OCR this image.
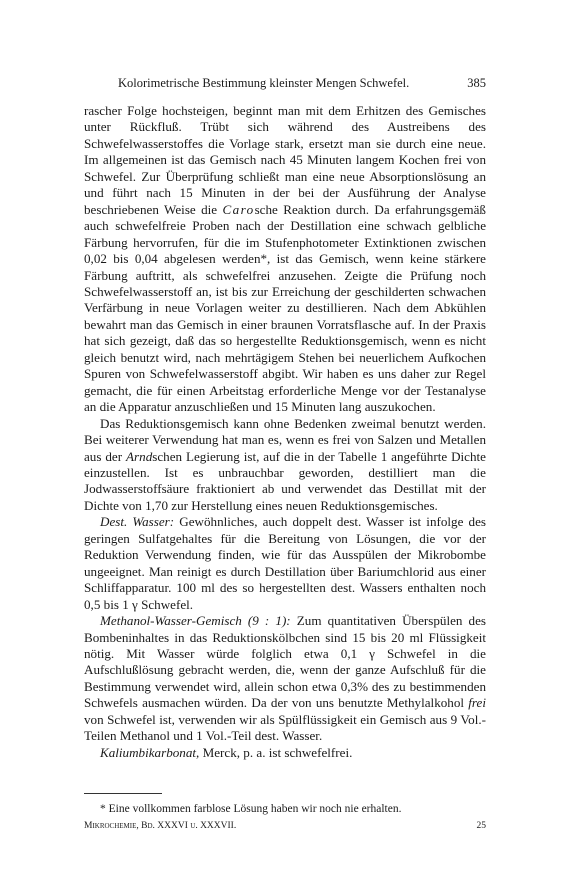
Kolorimetrische Bestimmung kleinster Mengen Schwefel.	385

rascher Folge hochsteigen, beginnt man mit dem Erhitzen des Gemisches unter Rückfluß. Trübt sich während des Austreibens des Schwefelwasserstoffes die Vorlage stark, ersetzt man sie durch eine neue. Im allgemeinen ist das Gemisch nach 45 Minuten langem Kochen frei von Schwefel. Zur Überprüfung schließt man eine neue Absorptionslösung an und führt nach 15 Minuten in der bei der Ausführung der Analyse beschriebenen Weise die Carosche Reaktion durch. Da erfahrungsgemäß auch schwefelfreie Proben nach der Destillation eine schwach gelbliche Färbung hervorrufen, für die im Stufenphotometer Extinktionen zwischen 0,02 bis 0,04 abgelesen werden*, ist das Gemisch, wenn keine stärkere Färbung auftritt, als schwefelfrei anzusehen. Zeigte die Prüfung noch Schwefelwasserstoff an, ist bis zur Erreichung der geschilderten schwachen Verfärbung in neue Vorlagen weiter zu destillieren. Nach dem Abkühlen bewahrt man das Gemisch in einer braunen Vorratsflasche auf. In der Praxis hat sich gezeigt, daß das so hergestellte Reduktionsgemisch, wenn es nicht gleich benutzt wird, nach mehrtägigem Stehen bei neuerlichem Aufkochen Spuren von Schwefelwasserstoff abgibt. Wir haben es uns daher zur Regel gemacht, die für einen Arbeitstag erforderliche Menge vor der Testanalyse an die Apparatur anzuschließen und 15 Minuten lang auszukochen.

Das Reduktionsgemisch kann ohne Bedenken zweimal benutzt werden. Bei weiterer Verwendung hat man es, wenn es frei von Salzen und Metallen aus der Arndschen Legierung ist, auf die in der Tabelle 1 angeführte Dichte einzustellen. Ist es unbrauchbar geworden, destilliert man die Jodwasserstoffsäure fraktioniert ab und verwendet das Destillat mit der Dichte von 1,70 zur Herstellung eines neuen Reduktionsgemisches.

Dest. Wasser: Gewöhnliches, auch doppelt dest. Wasser ist infolge des geringen Sulfatgehaltes für die Bereitung von Lösungen, die vor der Reduktion Verwendung finden, wie für das Ausspülen der Mikrobombe ungeeignet. Man reinigt es durch Destillation über Bariumchlorid aus einer Schliffapparatur. 100 ml des so hergestellten dest. Wassers enthalten noch 0,5 bis 1 γ Schwefel.

Methanol-Wasser-Gemisch (9 : 1): Zum quantitativen Überspülen des Bombeninhaltes in das Reduktionskölbchen sind 15 bis 20 ml Flüssigkeit nötig. Mit Wasser würde folglich etwa 0,1 γ Schwefel in die Aufschlußlösung gebracht werden, die, wenn der ganze Aufschluß für die Bestimmung verwendet wird, allein schon etwa 0,3% des zu bestimmenden Schwefels ausmachen würden. Da der von uns benutzte Methylalkohol frei von Schwefel ist, verwenden wir als Spülflüssigkeit ein Gemisch aus 9 Vol.-Teilen Methanol und 1 Vol.-Teil dest. Wasser.

Kaliumbikarbonat, Merck, p. a. ist schwefelfrei.

* Eine vollkommen farblose Lösung haben wir noch nie erhalten.
Mikrochemie, Bd. XXXVI u. XXXVII.	25
